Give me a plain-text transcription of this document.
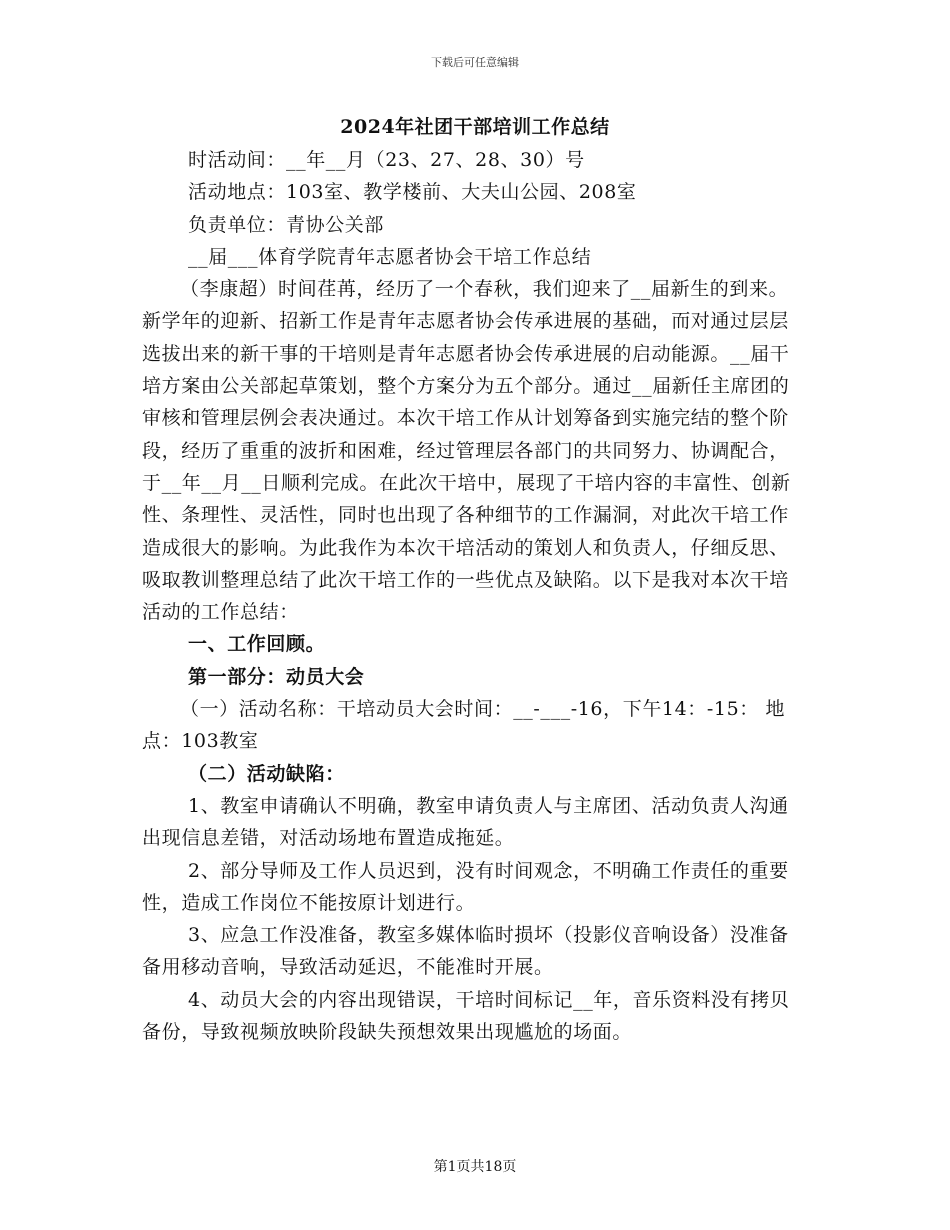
下载后可任意编辑
2024年社团干部培训工作总结

时活动间：__年__月（23、27、28、30）号

活动地点：103室、教学楼前、大夫山公园、208室

负责单位：青协公关部

__届___体育学院青年志愿者协会干培工作总结

（李康超）时间荏苒，经历了一个春秋，我们迎来了__届新生的到来。新学年的迎新、招新工作是青年志愿者协会传承进展的基础，而对通过层层选拔出来的新干事的干培则是青年志愿者协会传承进展的启动能源。__届干培方案由公关部起草策划，整个方案分为五个部分。通过__届新任主席团的审核和管理层例会表决通过。本次干培工作从计划筹备到实施完结的整个阶段，经历了重重的波折和困难，经过管理层各部门的共同努力、协调配合，于__年__月__日顺利完成。在此次干培中，展现了干培内容的丰富性、创新性、条理性、灵活性，同时也出现了各种细节的工作漏洞，对此次干培工作造成很大的影响。为此我作为本次干培活动的策划人和负责人，仔细反思、吸取教训整理总结了此次干培工作的一些优点及缺陷。以下是我对本次干培活动的工作总结：

一、工作回顾。

第一部分：动员大会

（一）活动名称：干培动员大会时间：__-___-16，下午14：-15： 地点：103教室

（二）活动缺陷：

1、教室申请确认不明确，教室申请负责人与主席团、活动负责人沟通出现信息差错，对活动场地布置造成拖延。

2、部分导师及工作人员迟到，没有时间观念，不明确工作责任的重要性，造成工作岗位不能按原计划进行。

3、应急工作没准备，教室多媒体临时损坏（投影仪音响设备）没准备备用移动音响，导致活动延迟，不能准时开展。

4、动员大会的内容出现错误，干培时间标记__年，音乐资料没有拷贝备份，导致视频放映阶段缺失预想效果出现尴尬的场面。

第1页共18页
